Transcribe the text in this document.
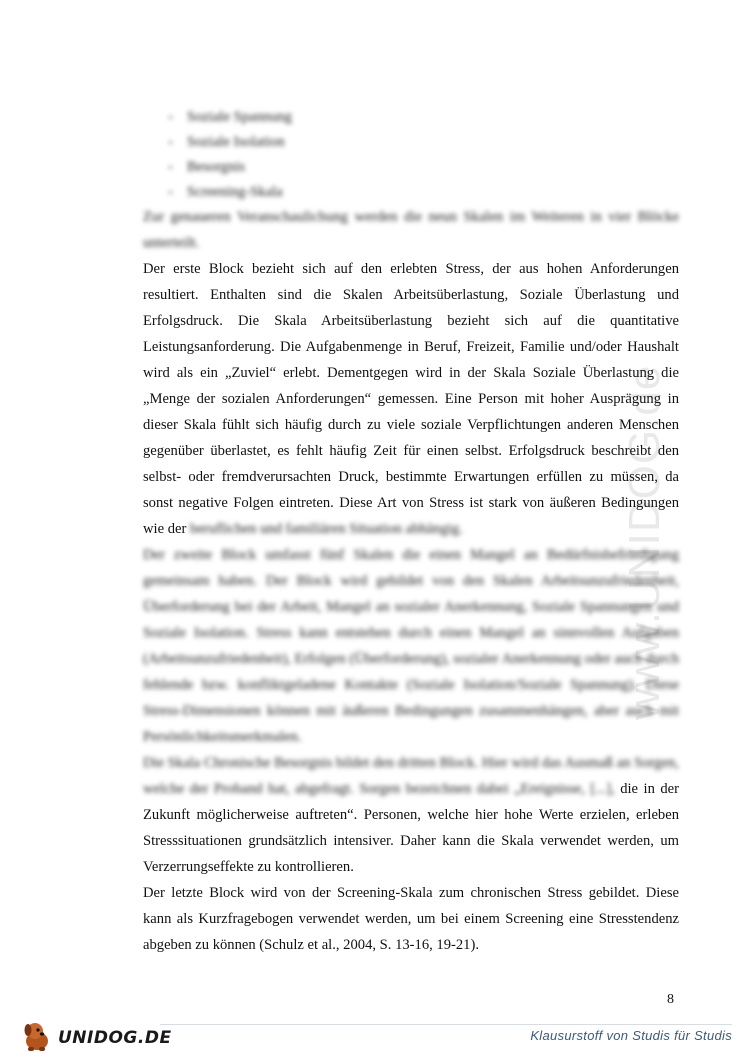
www.UNIDOG.de
- Soziale Spannung
- Soziale Isolation
- Besorgnis
- Screening-Skala

Zur genaueren Veranschaulichung werden die neun Skalen im Weiteren in vier Blöcke unterteilt.

Der erste Block bezieht sich auf den erlebten Stress, der aus hohen Anforderungen resultiert. Enthalten sind die Skalen Arbeitsüberlastung, Soziale Überlastung und Erfolgsdruck. Die Skala Arbeitsüberlastung bezieht sich auf die quantitative Leistungsanforderung. Die Aufgabenmenge in Beruf, Freizeit, Familie und/oder Haushalt wird als ein „Zuviel“ erlebt. Dementgegen wird in der Skala Soziale Überlastung die „Menge der sozialen Anforderungen“ gemessen. Eine Person mit hoher Ausprägung in dieser Skala fühlt sich häufig durch zu viele soziale Verpflichtungen anderen Menschen gegenüber überlastet, es fehlt häufig Zeit für einen selbst. Erfolgsdruck beschreibt den selbst- oder fremdverursachten Druck, bestimmte Erwartungen erfüllen zu müssen, da sonst negative Folgen eintreten. Diese Art von Stress ist stark von äußeren Bedingungen wie der beruflichen und familiären Situation abhängig.

Der zweite Block umfasst fünf Skalen die einen Mangel an Bedürfnisbefriedigung gemeinsam haben. Der Block wird gebildet von den Skalen Arbeitsunzufriedenheit, Überforderung bei der Arbeit, Mangel an sozialer Anerkennung, Soziale Spannungen und Soziale Isolation. Stress kann entstehen durch einen Mangel an sinnvollen Aufgaben (Arbeitsunzufriedenheit), Erfolgen (Überforderung), sozialer Anerkennung oder auch durch fehlende bzw. konfliktgeladene Kontakte (Soziale Isolation/Soziale Spannung). Diese Stress-Dimensionen können mit äußeren Bedingungen zusammenhängen, aber auch mit Persönlichkeitsmerkmalen.

Die Skala Chronische Besorgnis bildet den dritten Block. Hier wird das Ausmaß an Sorgen, welche der Proband hat, abgefragt. Sorgen bezeichnen dabei „Ereignisse, [...], die in der Zukunft möglicherweise auftreten“. Personen, welche hier hohe Werte erzielen, erleben Stresssituationen grundsätzlich intensiver. Daher kann die Skala verwendet werden, um Verzerrungseffekte zu kontrollieren.

Der letzte Block wird von der Screening-Skala zum chronischen Stress gebildet. Diese kann als Kurzfragebogen verwendet werden, um bei einem Screening eine Stresstendenz abgeben zu können (Schulz et al., 2004, S. 13-16, 19-21).

8
UNIDOG.DE	Klausurstoff von Studis für Studis
